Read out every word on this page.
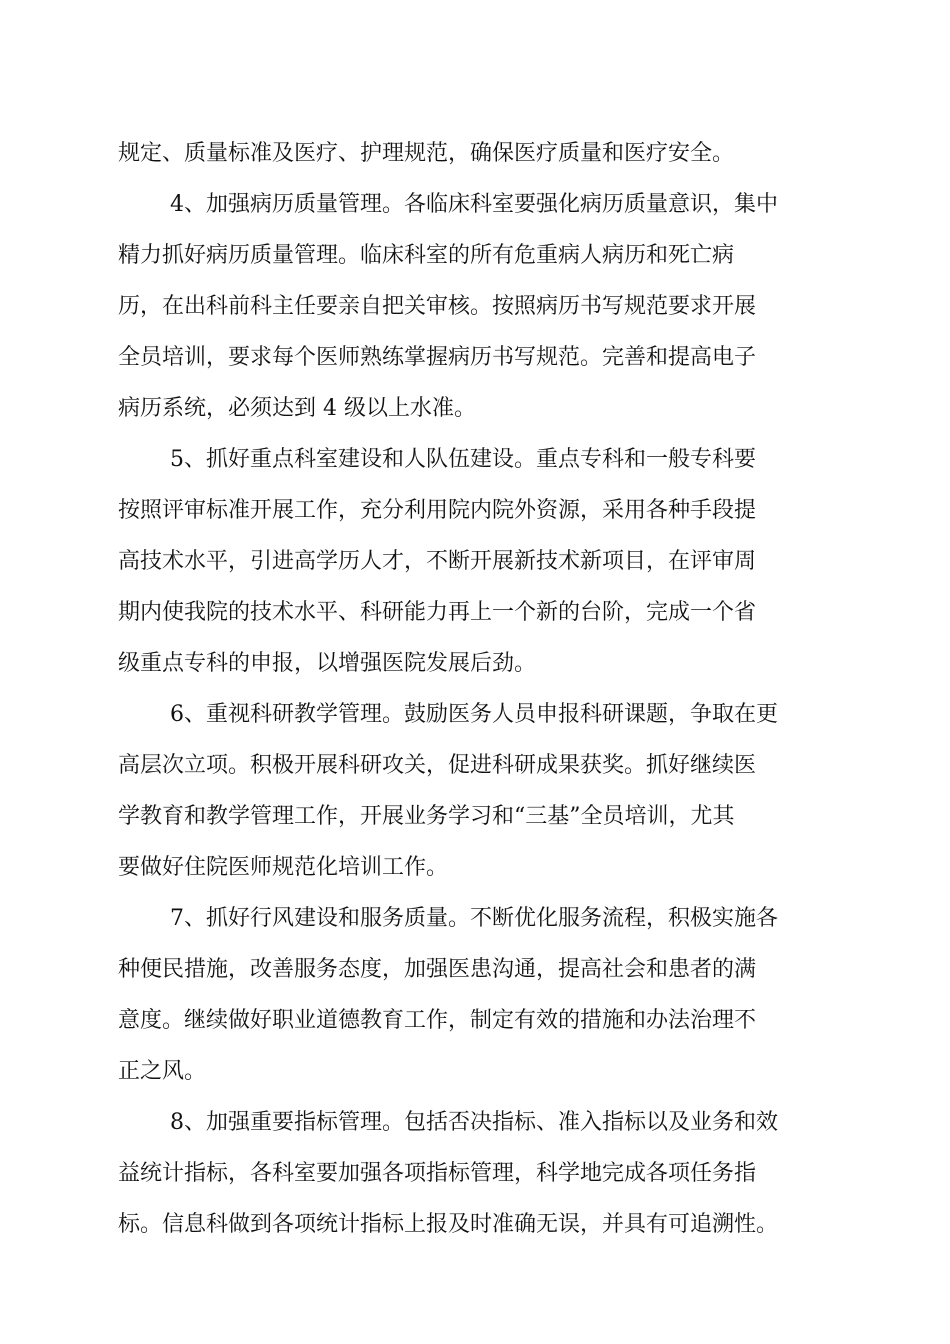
规定、质量标准及医疗、护理规范，确保医疗质量和医疗安全。
4、加强病历质量管理。各临床科室要强化病历质量意识，集中
精力抓好病历质量管理。临床科室的所有危重病人病历和死亡病
历，在出科前科主任要亲自把关审核。按照病历书写规范要求开展
全员培训，要求每个医师熟练掌握病历书写规范。完善和提高电子
病历系统，必须达到 4 级以上水准。
5、抓好重点科室建设和人队伍建设。重点专科和一般专科要
按照评审标准开展工作，充分利用院内院外资源，采用各种手段提
高技术水平，引进高学历人才，不断开展新技术新项目，在评审周
期内使我院的技术水平、科研能力再上一个新的台阶，完成一个省
级重点专科的申报，以增强医院发展后劲。
6、重视科研教学管理。鼓励医务人员申报科研课题，争取在更
高层次立项。积极开展科研攻关，促进科研成果获奖。抓好继续医
学教育和教学管理工作，开展业务学习和“三基”全员培训，尤其
要做好住院医师规范化培训工作。
7、抓好行风建设和服务质量。不断优化服务流程，积极实施各
种便民措施，改善服务态度，加强医患沟通，提高社会和患者的满
意度。继续做好职业道德教育工作，制定有效的措施和办法治理不
正之风。
8、加强重要指标管理。包括否决指标、准入指标以及业务和效
益统计指标，各科室要加强各项指标管理，科学地完成各项任务指
标。信息科做到各项统计指标上报及时准确无误，并具有可追溯性。
